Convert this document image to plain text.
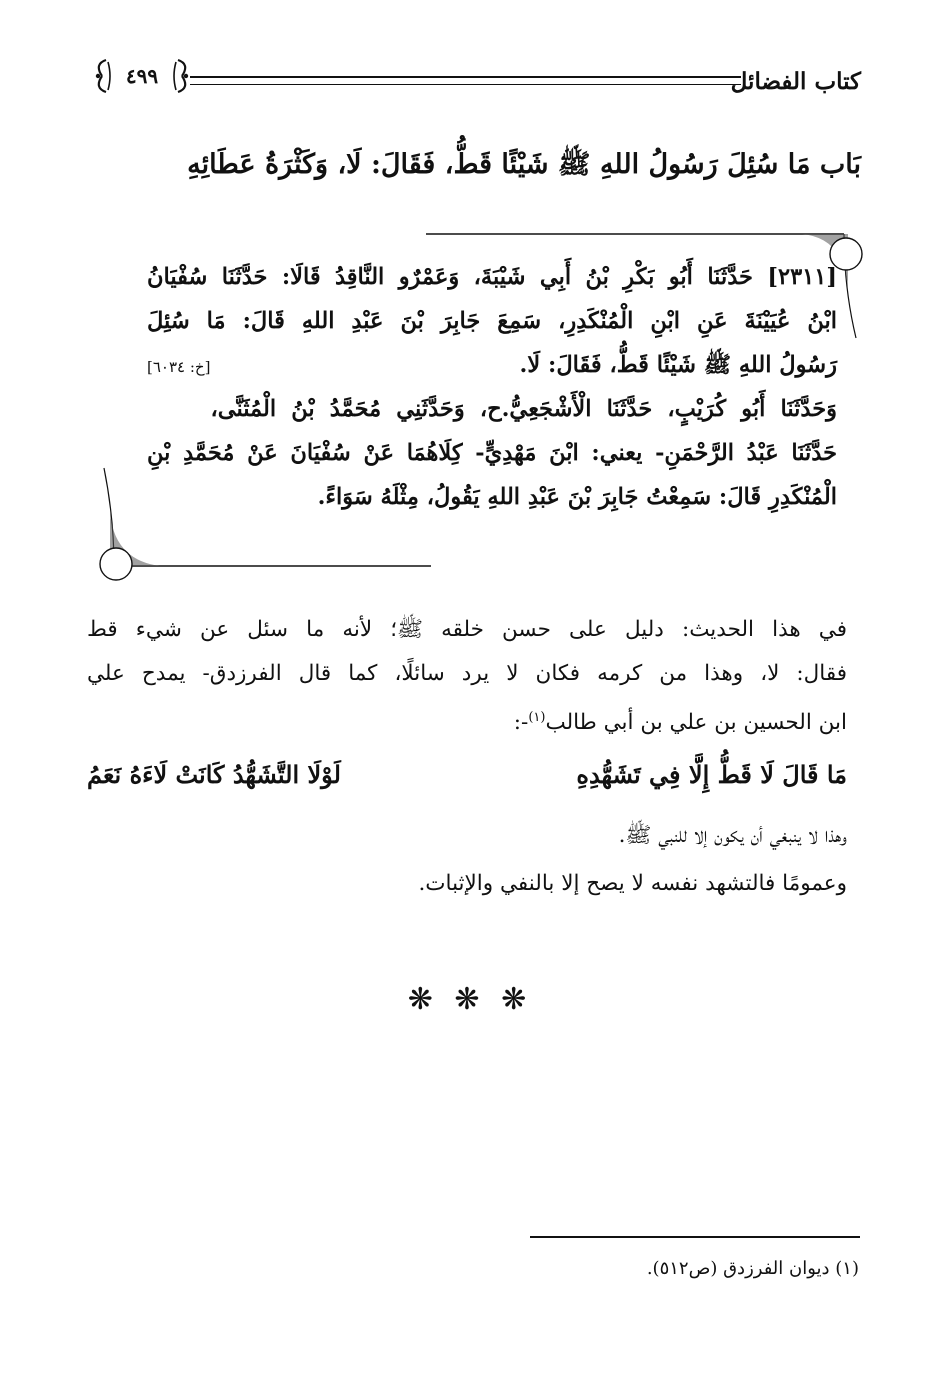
كتاب الفضائل
٤٩٩
بَاب مَا سُئِلَ رَسُولُ اللهِ ﷺ شَيْئًا قَطُّ، فَقَالَ: لَا، وَكَثْرَةُ عَطَائِهِ
[٢٣١١] حَدَّثَنَا أَبُو بَكْرِ بْنُ أَبِي شَيْبَةَ، وَعَمْرٌو النَّاقِدُ قَالَا: حَدَّثَنَا سُفْيَانُ
ابْنُ عُيَيْنَةَ عَنِ ابْنِ الْمُنْكَدِرِ، سَمِعَ جَابِرَ بْنَ عَبْدِ اللهِ قَالَ: مَا سُئِلَ
رَسُولُ اللهِ ﷺ شَيْئًا قَطُّ، فَقَالَ: لَا.
[خ: ٦٠٣٤]
وَحَدَّثَنَا أَبُو كُرَيْبٍ، حَدَّثَنَا الْأَشْجَعِيُّ.ح، وَحَدَّثَنِي مُحَمَّدُ بْنُ الْمُثَنَّى،
حَدَّثَنَا عَبْدُ الرَّحْمَنِ- يعني: ابْنَ مَهْدِيٍّ- كِلَاهُمَا عَنْ سُفْيَانَ عَنْ مُحَمَّدِ بْنِ
الْمُنْكَدِرِ قَالَ: سَمِعْتُ جَابِرَ بْنَ عَبْدِ اللهِ يَقُولُ، مِثْلَهُ سَوَاءً.
في هذا الحديث: دليل على حسن خلقه ﷺ؛ لأنه ما سئل عن شيء قط
فقال: لا، وهذا من كرمه فكان لا يرد سائلًا، كما قال الفرزدق- يمدح علي
ابن الحسين بن علي بن أبي طالب$^{(١)}$-:
مَا قَالَ لَا قَطُّ إِلَّا فِي تَشَهُّدِهِ
لَوْلَا التَّشَهُّدُ كَانَتْ لَاءَهُ نَعَمُ
وهذا لا ينبغي أن يكون إلا للنبي ﷺ.
وعمومًا فالتشهد نفسه لا يصح إلا بالنفي والإثبات.
❋ ❋ ❋
(١) ديوان الفرزدق (ص٥١٢).
